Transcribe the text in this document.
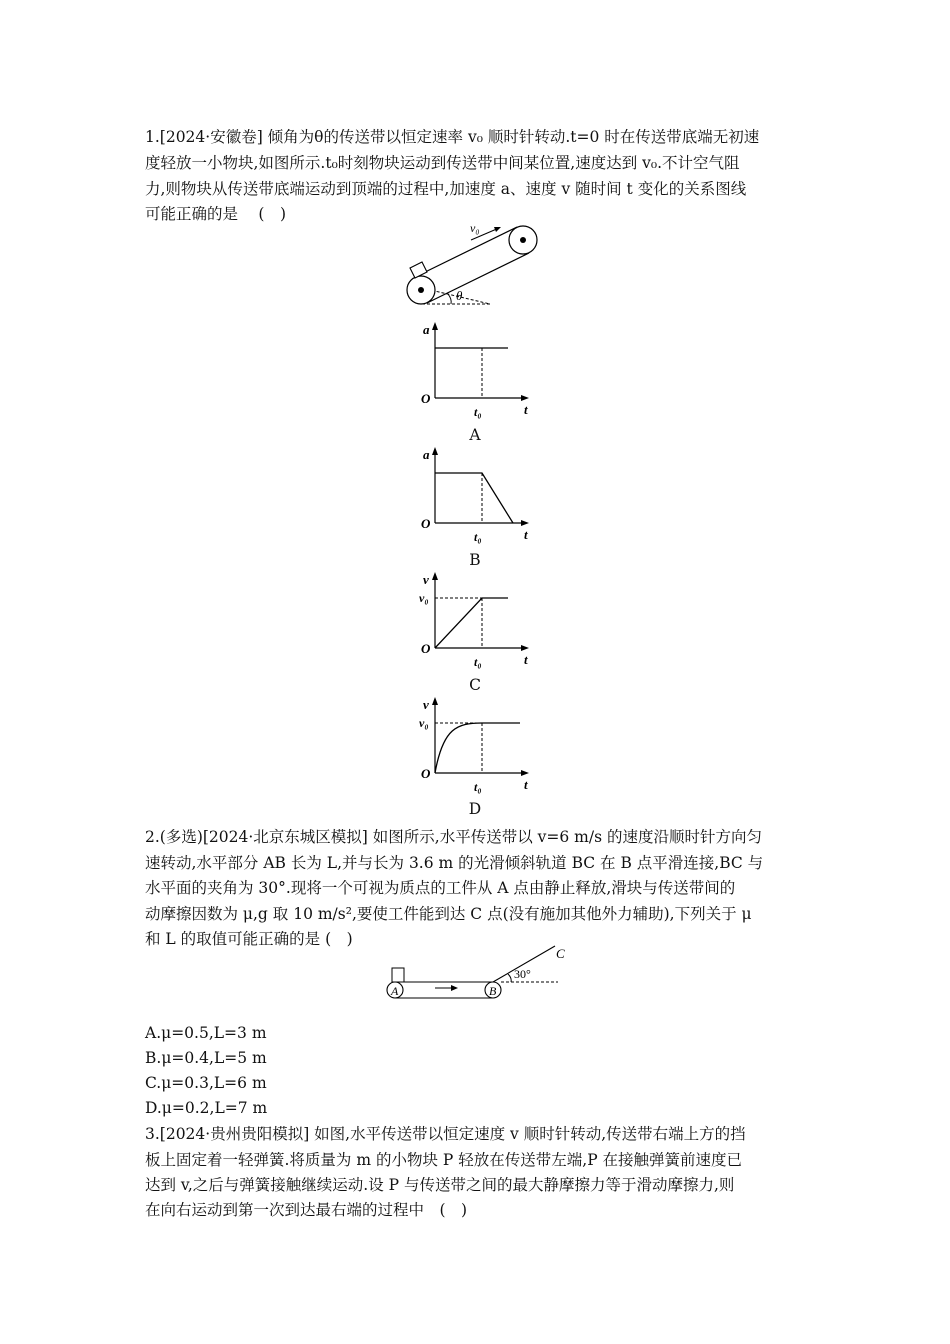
1.[2024·安徽卷] 倾角为θ的传送带以恒定速率 v₀ 顺时针转动.t=0 时在传送带底端无初速
度轻放一小物块,如图所示.t₀时刻物块运动到传送带中间某位置,速度达到 v₀.不计空气阻
力,则物块从传送带底端运动到顶端的过程中,加速度 a、速度 v 随时间 t 变化的关系图线
可能正确的是　 (　)
v₀
θ
a
O
t
t₀
a
O
t
t₀
v
O
t
t₀
v₀
v
O
t
t₀
v₀
A
B
C
D
2.(多选)[2024·北京东城区模拟] 如图所示,水平传送带以 v=6 m/s 的速度沿顺时针方向匀
速转动,水平部分 AB 长为 L,并与长为 3.6 m 的光滑倾斜轨道 BC 在 B 点平滑连接,BC 与
水平面的夹角为 30°.现将一个可视为质点的工件从 A 点由静止释放,滑块与传送带间的
动摩擦因数为 μ,g 取 10 m/s²,要使工件能到达 C 点(没有施加其他外力辅助),下列关于 μ
和 L 的取值可能正确的是 (　)
A	B
30°
C
A.μ=0.5,L=3 m
B.μ=0.4,L=5 m
C.μ=0.3,L=6 m
D.μ=0.2,L=7 m
3.[2024·贵州贵阳模拟] 如图,水平传送带以恒定速度 v 顺时针转动,传送带右端上方的挡
板上固定着一轻弹簧.将质量为 m 的小物块 P 轻放在传送带左端,P 在接触弹簧前速度已
达到 v,之后与弹簧接触继续运动.设 P 与传送带之间的最大静摩擦力等于滑动摩擦力,则
在向右运动到第一次到达最右端的过程中　(　)
